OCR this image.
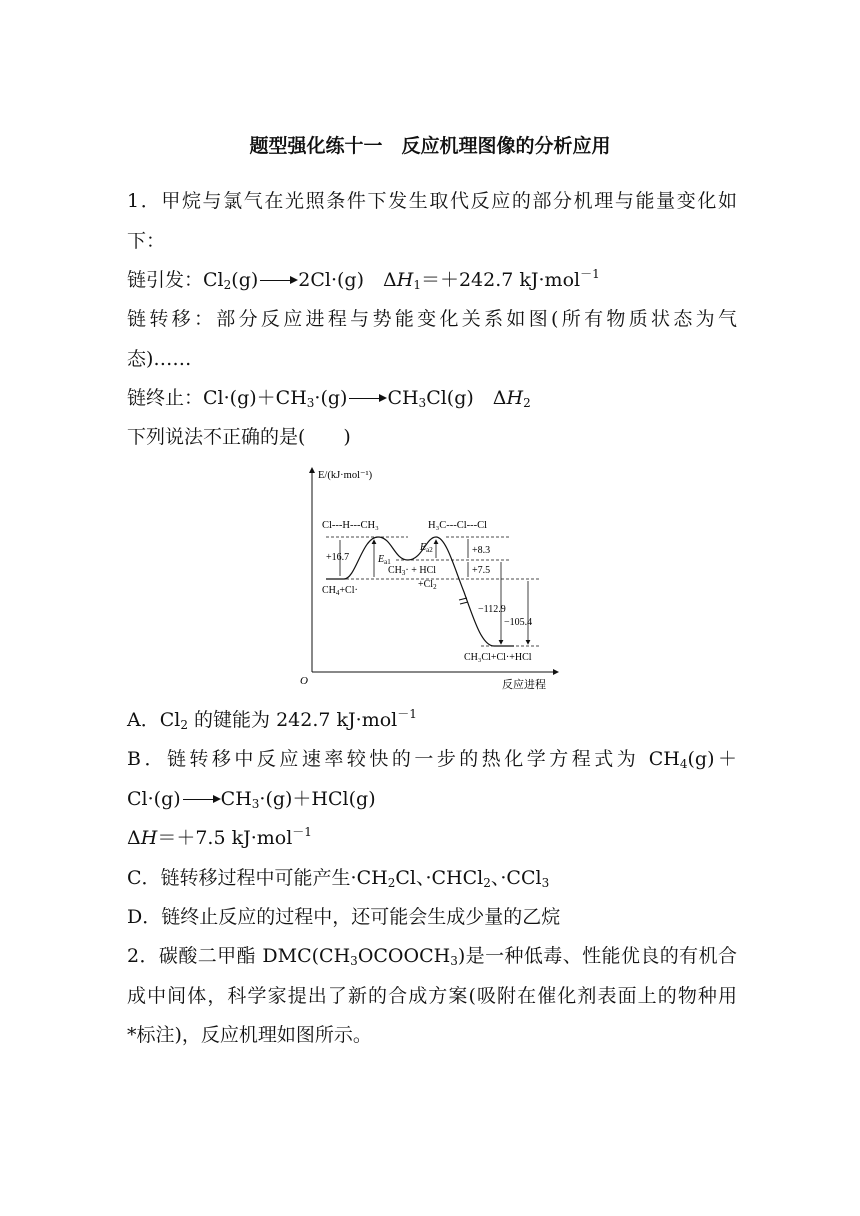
题型强化练十一　反应机理图像的分析应用
1．甲烷与氯气在光照条件下发生取代反应的部分机理与能量变化如
下：
链引发：$Cl_2(g)$ 2Cl·(g)　$\Delta H_1=+242.7$ kJ·mol$^{-1}$
链转移：部分反应进程与势能变化关系如图(所有物质状态为气
态)……
链终止：$Cl\cdot(g)+CH_3\cdot(g)$ $CH_3Cl(g)$　$\Delta H_2$
下列说法不正确的是(　　)
E/(kJ·mol⁻¹)
反应进程
O
Cl---H---CH₃	H₃C---Cl---Cl
$CH_4+Cl\cdot$
$CH_3\cdot$ + HCl
$+Cl_2$
CH₃Cl+Cl·+HCl
$E_{a1}$
$E_{a2}$
+16.7
+8.3
+7.5
−112.9
−105.4
A．$Cl_2$ 的键能为 242.7 kJ·mol$^{-1}$
B．链转移中反应速率较快的一步的热化学方程式为 $CH_4(g)+$
Cl·(g) $CH_3\cdot(g)+HCl(g)$
ΔH＝＋7.5 kJ·mol$^{-1}$
C．链转移过程中可能产生$\cdot CH_2Cl$、·CHCl$_2$、·CCl$_3$
D．链终止反应的过程中，还可能会生成少量的乙烷
2．碳酸二甲酯 $DMC(CH_3OCOOCH_3)$是一种低毒、性能优良的有机合
成中间体，科学家提出了新的合成方案(吸附在催化剂表面上的物种用
*标注)，反应机理如图所示。
